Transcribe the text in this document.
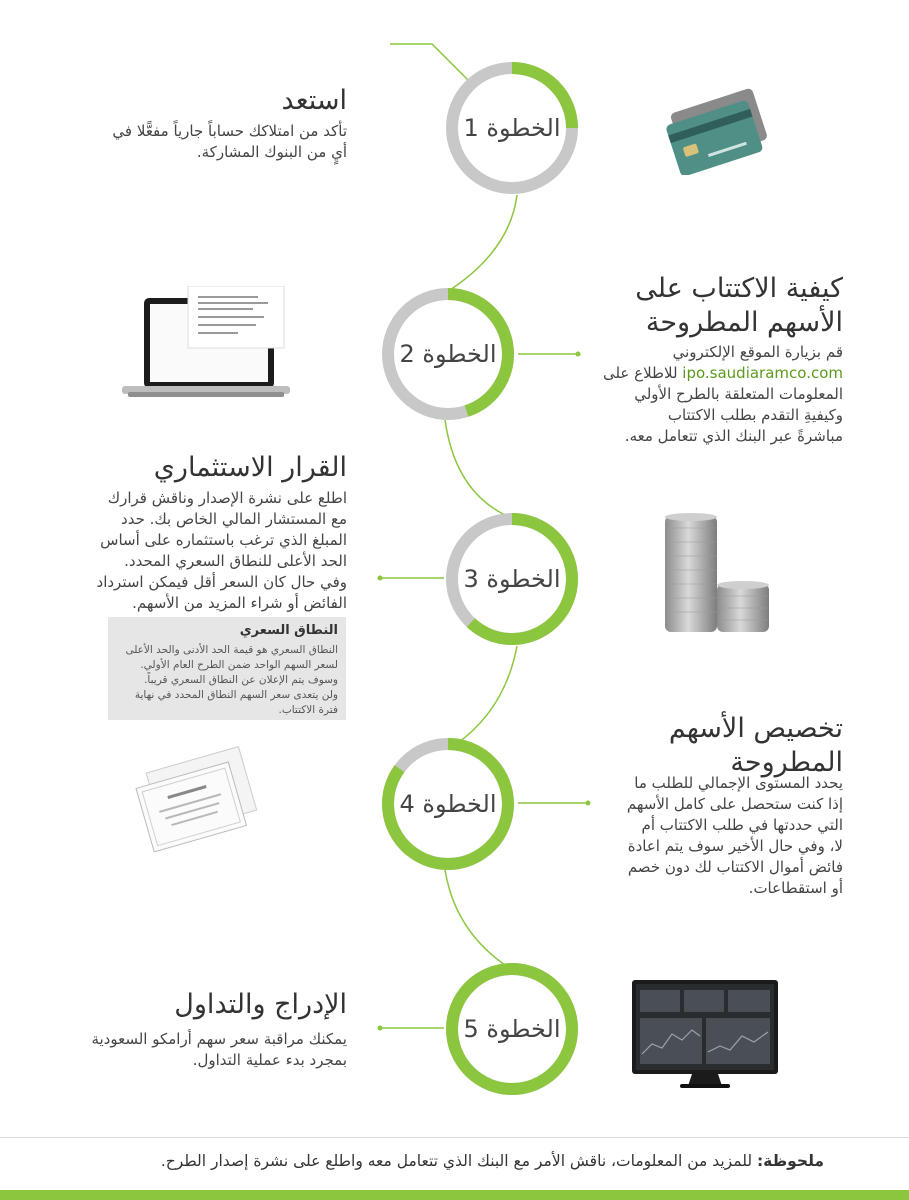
الخطوة 1
الخطوة 2
الخطوة 3
الخطوة 4
الخطوة 5
استعد
تأكد من امتلاكك حساباً جارياً مفعًّلا في
أيٍ من البنوك المشاركة.
كيفية الاكتتاب على
الأسهم المطروحة
قم بزيارة الموقع الإلكتروني
ipo.saudiaramco.com للاطلاع على
المعلومات المتعلقة بالطرح الأولي
وكيفيةِ التقدم بطلب الاكتتاب
مباشرةً عبر البنك الذي تتعامل معه.
القرار الاستثماري
اطلع على نشرة الإصدار وناقش قرارك
مع المستشار المالي الخاص بك. حدد
المبلغ الذي ترغب باستثماره على أساس
الحد الأعلى للنطاق السعري المحدد.
وفي حال كان السعر أقل فيمكن استرداد
الفائض أو شراء المزيد من الأسهم.
النطاق السعري
النطاق السعري هو قيمة الحد الأدنى والحد الأعلى
لسعر السهم الواحد ضمن الطرح العام الأولي.
وسوف يتم الإعلان عن النطاق السعري قريباً.
ولن يتعدى سعر السهم النطاق المحدد في نهاية
فترة الاكتتاب.
تخصيص الأسهم
المطروحة
يحدد المستوى الإجمالي للطلب ما
إذا كنت ستحصل على كامل الأسهم
التي حددتها في طلب الاكتتاب أم
لا، وفي حال الأخير سوف يتم اعادة
فائض أموال الاكتتاب لك دون خصم
أو استقطاعات.
الإدراج والتداول
يمكنك مراقبة سعر سهم أرامكو السعودية
بمجرد بدء عملية التداول.
ملحوظة: للمزيد من المعلومات، ناقش الأمر مع البنك الذي تتعامل معه واطلع على نشرة إصدار الطرح.
